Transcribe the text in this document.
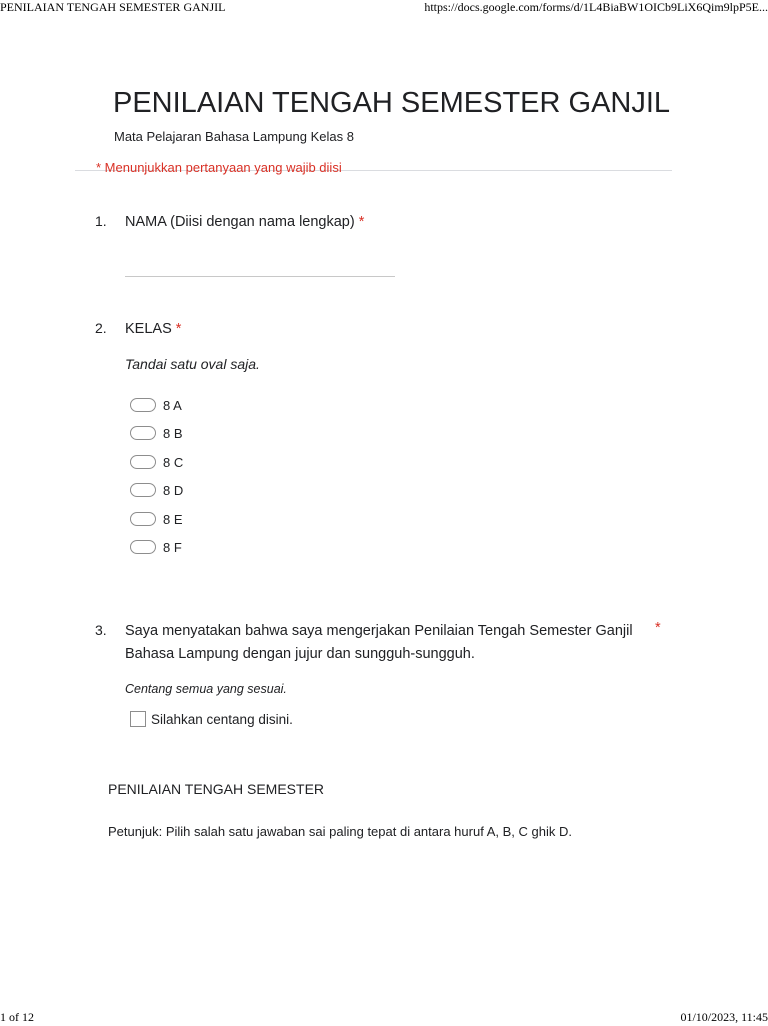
PENILAIAN TENGAH SEMESTER GANJIL	https://docs.google.com/forms/d/1L4BiaBW1OICb9LiX6Qim9lpP5E...
PENILAIAN TENGAH SEMESTER GANJIL
Mata Pelajaran Bahasa Lampung Kelas 8
* Menunjukkan pertanyaan yang wajib diisi
1. NAMA (Diisi dengan nama lengkap) *
2. KELAS *
Tandai satu oval saja.
8 A
8 B
8 C
8 D
8 E
8 F
3. Saya menyatakan bahwa saya mengerjakan Penilaian Tengah Semester Ganjil Bahasa Lampung dengan jujur dan sungguh-sungguh.
*
Centang semua yang sesuai.
Silahkan centang disini.
PENILAIAN TENGAH SEMESTER
Petunjuk: Pilih salah satu jawaban sai paling tepat di antara huruf A, B, C ghik D.
1 of 12	01/10/2023, 11:45
